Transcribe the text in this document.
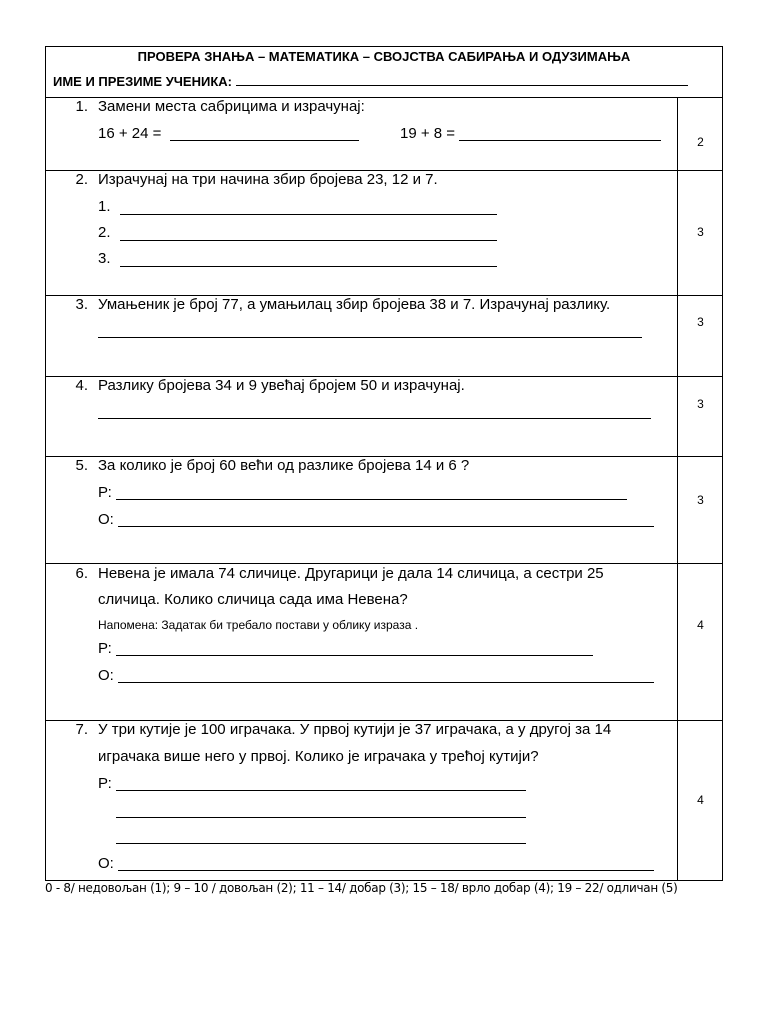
ПРОВЕРА ЗНАЊА – МАТЕМАТИКА – СВОЈСТВА САБИРАЊА И ОДУЗИМАЊА
ИМЕ И ПРЕЗИМЕ УЧЕНИКА:
1. Замени места сабрицима и израчунај:
16 + 24 =	19 + 8 =	2
2. Израчунај на три начина збир бројева 23, 12 и 7.
1.
2.
3.
3
3. Умањеник је број 77, а умањилац збир бројева 38 и 7. Израчунај разлику.
3
4. Разлику бројева 34 и 9 увећај бројем 50 и израчунај.
3
5. За колико је број 60 већи од разлике бројева 14 и 6 ?
Р:
О:
3
6. Невена је имала 74 сличице. Другарици је дала 14 сличица, а сестри 25
сличица. Колико сличица сада има Невена?
Напомена: Задатак би требало постави у облику израза .
Р:
О:
4
7. У три кутије је 100 играчака. У првој кутији је 37 играчака, а у другој за 14
играчака више него у првој. Колико је играчака у трећој кутији?
Р:
О:
4
0 - 8/ недовољан (1); 9 – 10 / довољан (2); 11 – 14/ добар (3); 15 – 18/ врло добар (4); 19 – 22/ одличан (5)
